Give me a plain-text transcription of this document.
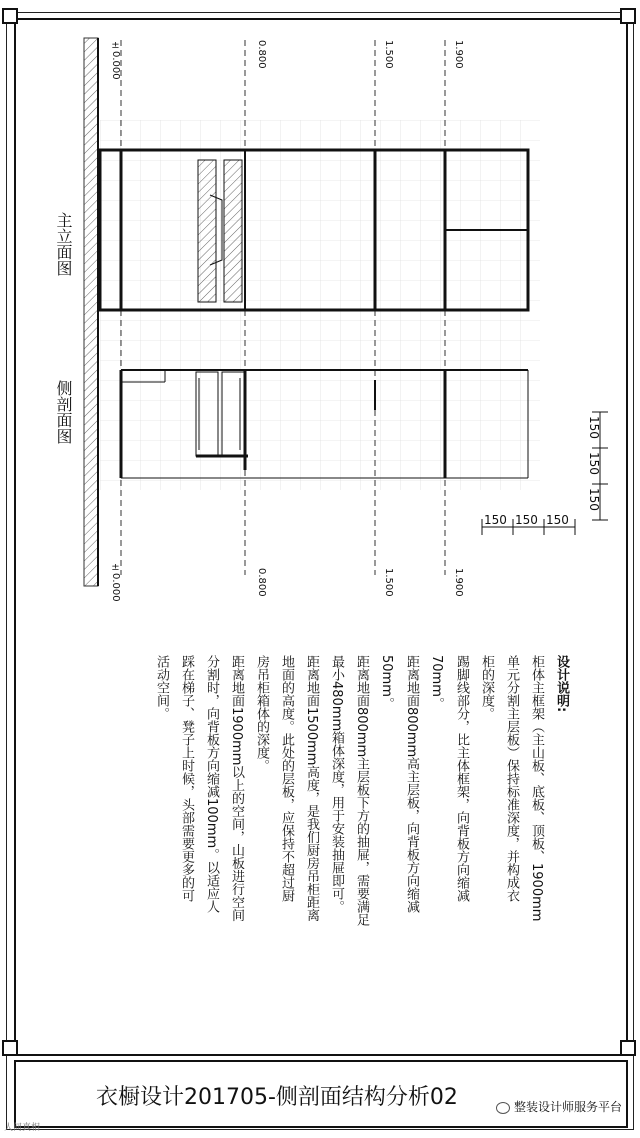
±0.000	0.800	1.500	1.900
±0.000	0.800	1.500	1.900
主立面图
侧剖面图	150
150
150
150 150 150
设计说明:
柜体主框架（主山板、底板、顶板、1900mm
单元分割主层板）保持标准深度，并构成衣
柜的深度。
踢脚线部分，比主体框架，向背板方向缩减
70mm。
距离地面800mm高主层板，向背板方向缩减
50mm。
距离地面800mm主层板下方的抽屉，需要满足
最小480mm箱体深度，用于安装抽屉即可。
距离地面1500mm高度，是我们厨房吊柜距离
地面的高度。此处的层板，应保持不超过厨
房吊柜箱体的深度。
距离地面1900mm以上的空间，山板进行空间
分割时，向背板方向缩减100mm。以适应人
踩在梯子、凳子上时候，头部需要更多的可
活动空间。
衣橱设计201705-侧剖面结构分析02	整装设计师服务平台
人间真相
